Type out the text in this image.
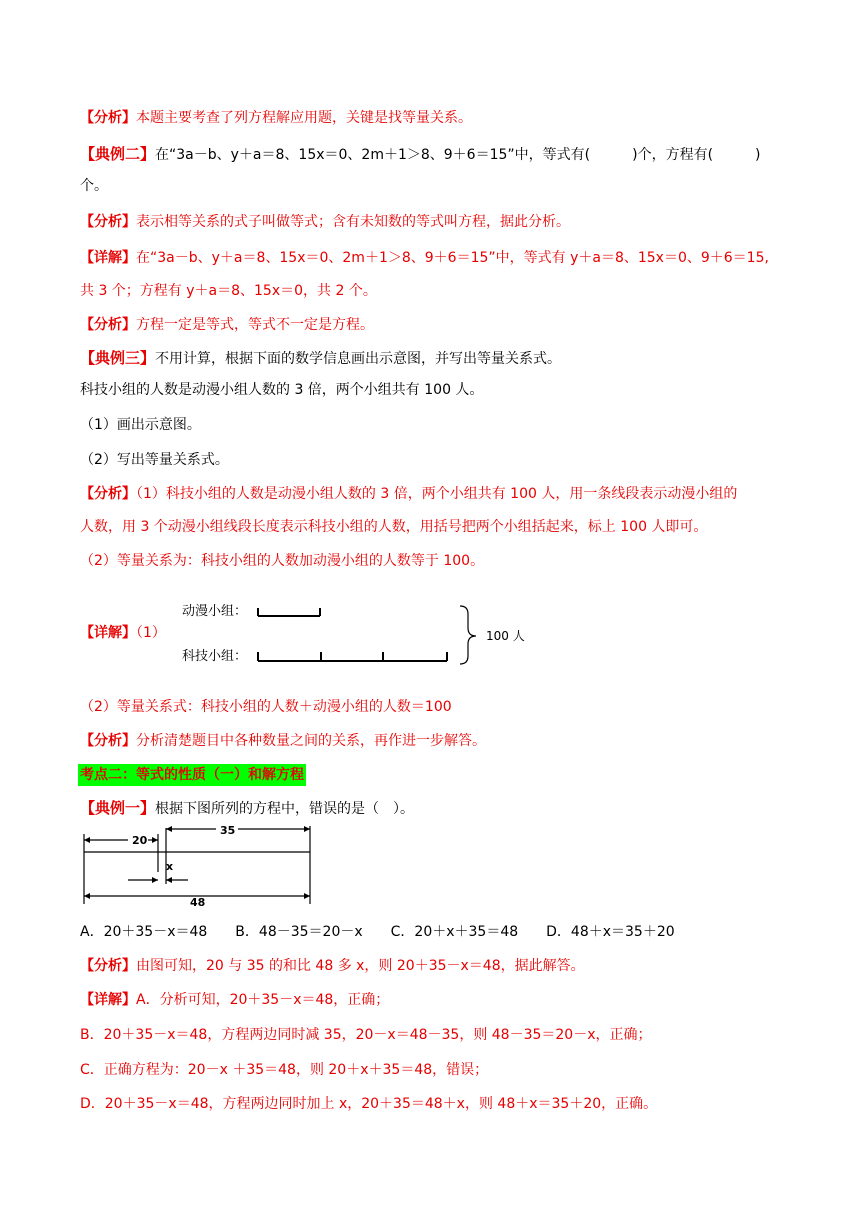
【分析】本题主要考查了列方程解应用题，关键是找等量关系。
【典例二】在“3a－b、y＋a＝8、15x＝0、2m＋1＞8、9＋6＝15”中，等式有(　　　)个，方程有(　　　)
个。
【分析】表示相等关系的式子叫做等式；含有未知数的等式叫方程，据此分析。
【详解】在“3a－b、y＋a＝8、15x＝0、2m＋1＞8、9＋6＝15”中，等式有 y＋a＝8、15x＝0、9＋6＝15,
共 3 个；方程有 y＋a＝8、15x＝0，共 2 个。
【分析】方程一定是等式，等式不一定是方程。
【典例三】不用计算，根据下面的数学信息画出示意图，并写出等量关系式。
科技小组的人数是动漫小组人数的 3 倍，两个小组共有 100 人。
（1）画出示意图。
（2）写出等量关系式。
【分析】（1）科技小组的人数是动漫小组人数的 3 倍，两个小组共有 100 人，用一条线段表示动漫小组的
人数，用 3 个动漫小组线段长度表示科技小组的人数，用括号把两个小组括起来，标上 100 人即可。
（2）等量关系为：科技小组的人数加动漫小组的人数等于 100。
【详解】（1）
动漫小组：
科技小组：
100 人
（2）等量关系式：科技小组的人数＋动漫小组的人数＝100
【分析】分析清楚题目中各种数量之间的关系，再作进一步解答。
考点二：等式的性质（一）和解方程
【典例一】根据下图所列的方程中，错误的是（　）。
20
35
x
48
A．20＋35－x＝48　　B．48－35＝20－x　　C．20＋x＋35＝48　　D．48＋x＝35＋20
【分析】由图可知，20 与 35 的和比 48 多 x，则 20＋35－x＝48，据此解答。
【详解】A．分析可知，20＋35－x＝48，正确；
B．20＋35－x＝48，方程两边同时减 35，20－x＝48－35，则 48－35＝20－x，正确；
C．正确方程为：20－x ＋35＝48，则 20＋x＋35＝48，错误；
D．20＋35－x＝48，方程两边同时加上 x，20＋35＝48＋x，则 48＋x＝35＋20，正确。
